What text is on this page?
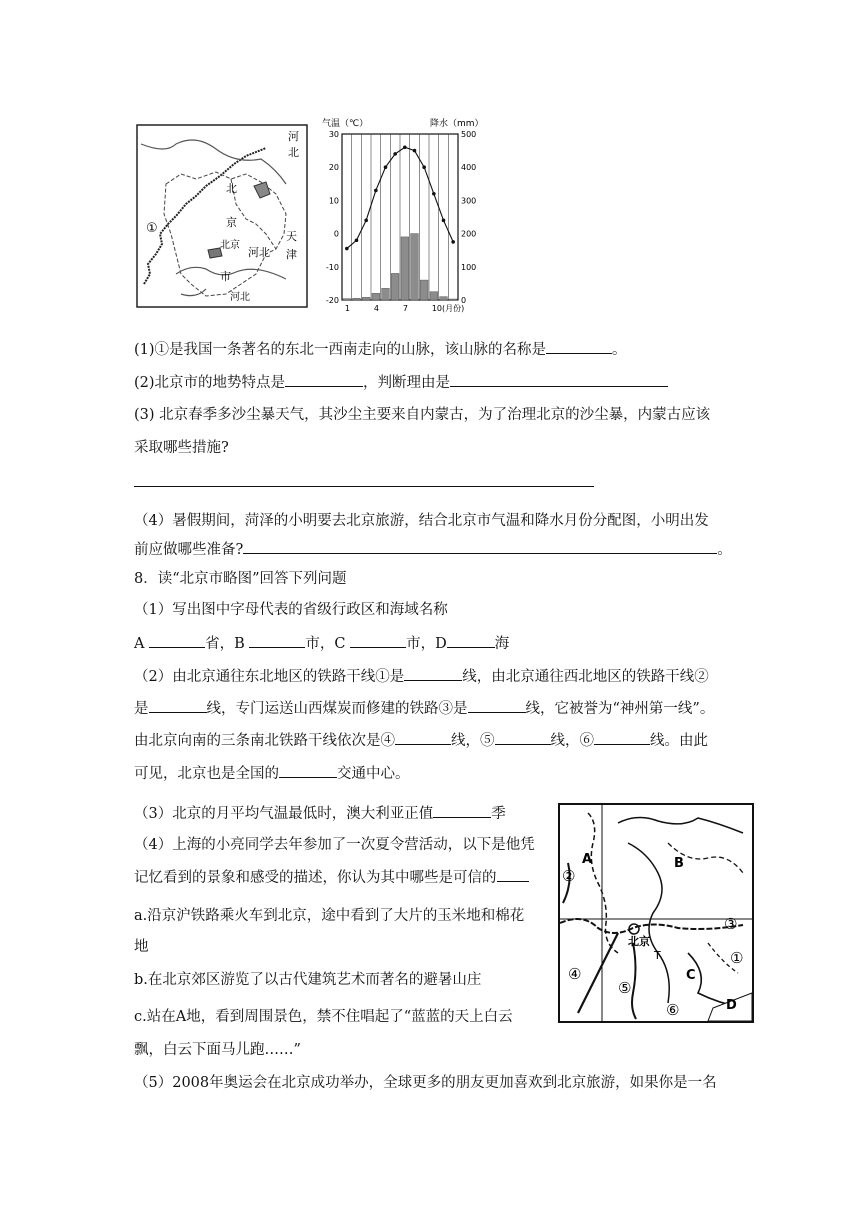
①
河
北
北
京
市
北京
河北
河北
天
津
气温（℃）	降水（mm）
30
20
10
0
-10
-20
500
400
300
200
100
0
1	4	7	10(月份)
(1)①是我国一条著名的东北一西南走向的山脉，该山脉的名称是	。
(2)北京市的地势特点是	，判断理由是
(3) 北京春季多沙尘暴天气，其沙尘主要来自内蒙古，为了治理北京的沙尘暴，内蒙古应该
采取哪些措施?
（4）暑假期间，菏泽的小明要去北京旅游，结合北京市气温和降水月份分配图，小明出发
前应做哪些准备?	。
8．读“北京市略图”回答下列问题
（1）写出图中字母代表的省级行政区和海域名称
A	省，B	市，C	市，D	海
（2）由北京通往东北地区的铁路干线①是	线，由北京通往西北地区的铁路干线②
是	线，专门运送山西煤炭而修建的铁路③是	线，它被誉为“神州第一线”。
由北京向南的三条南北铁路干线依次是④	线，⑤	线，⑥	线。由此
可见，北京也是全国的	交通中心。
（3）北京的月平均气温最低时，澳大利亚正值	季
（4）上海的小亮同学去年参加了一次夏令营活动，以下是他凭
记忆看到的景象和感受的描述，你认为其中哪些是可信的
a.沿京沪铁路乘火车到北京，途中看到了大片的玉米地和棉花
地
b.在北京郊区游览了以古代建筑艺术而著名的避暑山庄
c.站在A地，看到周围景色，禁不住唱起了“蓝蓝的天上白云
飘，白云下面马儿跑……”
（5）2008年奥运会在北京成功举办，全球更多的朋友更加喜欢到北京旅游，如果你是一名
A	B
C
D
北京
T	①
②
③
④
⑤
⑥
